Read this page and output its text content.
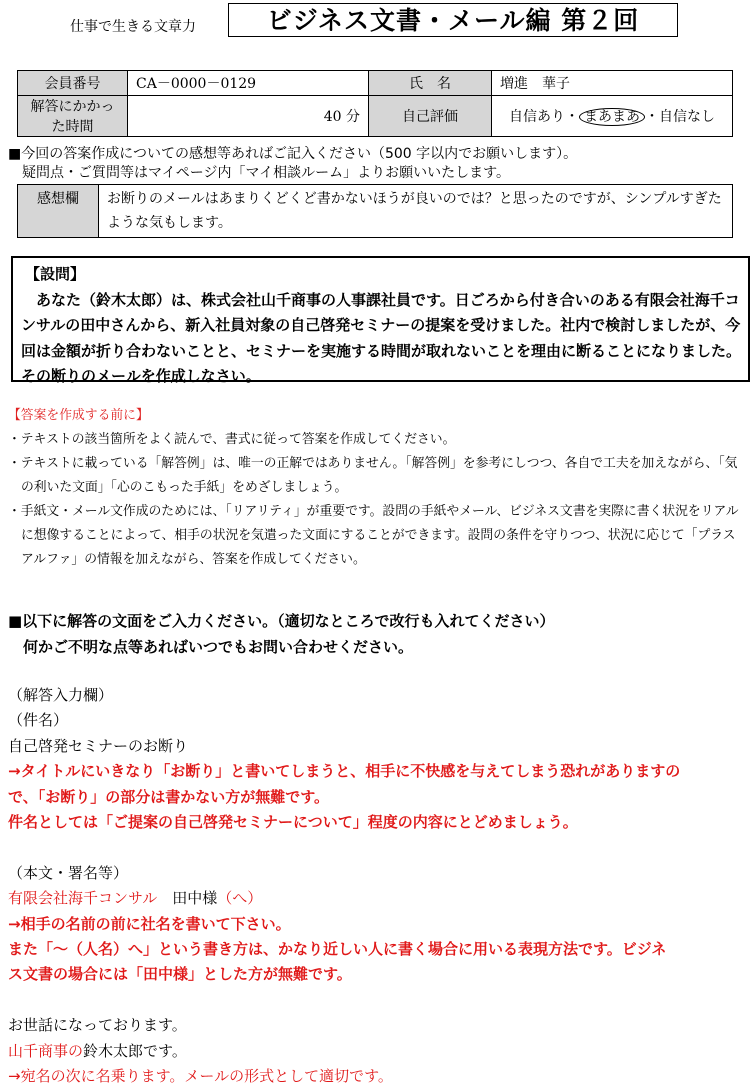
仕事で生きる文章力	ビジネス文書・メール編 第２回
会員番号	CA－0000－0129	氏　名	増進　華子
解答にかかった時間	40 分	自己評価	自信あり・ まあまあ ・自信なし
■今回の答案作成についての感想等あればご記入ください（500 字以内でお願いします）。
　疑問点・ご質問等はマイページ内「マイ相談ルーム」よりお願いいたします。
感想欄	お断りのメールはあまりくどくど書かないほうが良いのでは？と思ったのですが、シンプルすぎたような気もします。
【設問】

あなた（鈴木太郎）は、株式会社山千商事の人事課社員です。日ごろから付き合いのある有限会社海千コンサルの田中さんから、新入社員対象の自己啓発セミナーの提案を受けました。社内で検討しましたが、今回は金額が折り合わないことと、セミナーを実施する時間が取れないことを理由に断ることになりました。その断りのメールを作成しなさい。

【答案を作成する前に】
・テキストの該当箇所をよく読んで、書式に従って答案を作成してください。
・テキストに載っている「解答例」は、唯一の正解ではありません。「解答例」を参考にしつつ、各自で工夫を加えながら、「気の利いた文面」「心のこもった手紙」をめざしましょう。
・手紙文・メール文作成のためには、「リアリティ」が重要です。設問の手紙やメール、ビジネス文書を実際に書く状況をリアルに想像することによって、相手の状況を気遣った文面にすることができます。設問の条件を守りつつ、状況に応じて「プラスアルファ」の情報を加えながら、答案を作成してください。
■以下に解答の文面をご入力ください。（適切なところで改行も入れてください）
　何かご不明な点等あればいつでもお問い合わせください。
（解答入力欄）
（件名）
自己啓発セミナーのお断り
→タイトルにいきなり「お断り」と書いてしまうと、相手に不快感を与えてしまう恐れがありますの
で、「お断り」の部分は書かない方が無難です。
件名としては「ご提案の自己啓発セミナーについて」程度の内容にとどめましょう。
（本文・署名等）
有限会社海千コンサル　田中様（へ）
→相手の名前の前に社名を書いて下さい。
また「～（人名）へ」という書き方は、かなり近しい人に書く場合に用いる表現方法です。ビジネ
ス文書の場合には「田中様」とした方が無難です。
お世話になっております。
山千商事の鈴木太郎です。
→宛名の次に名乗ります。メールの形式として適切です。
